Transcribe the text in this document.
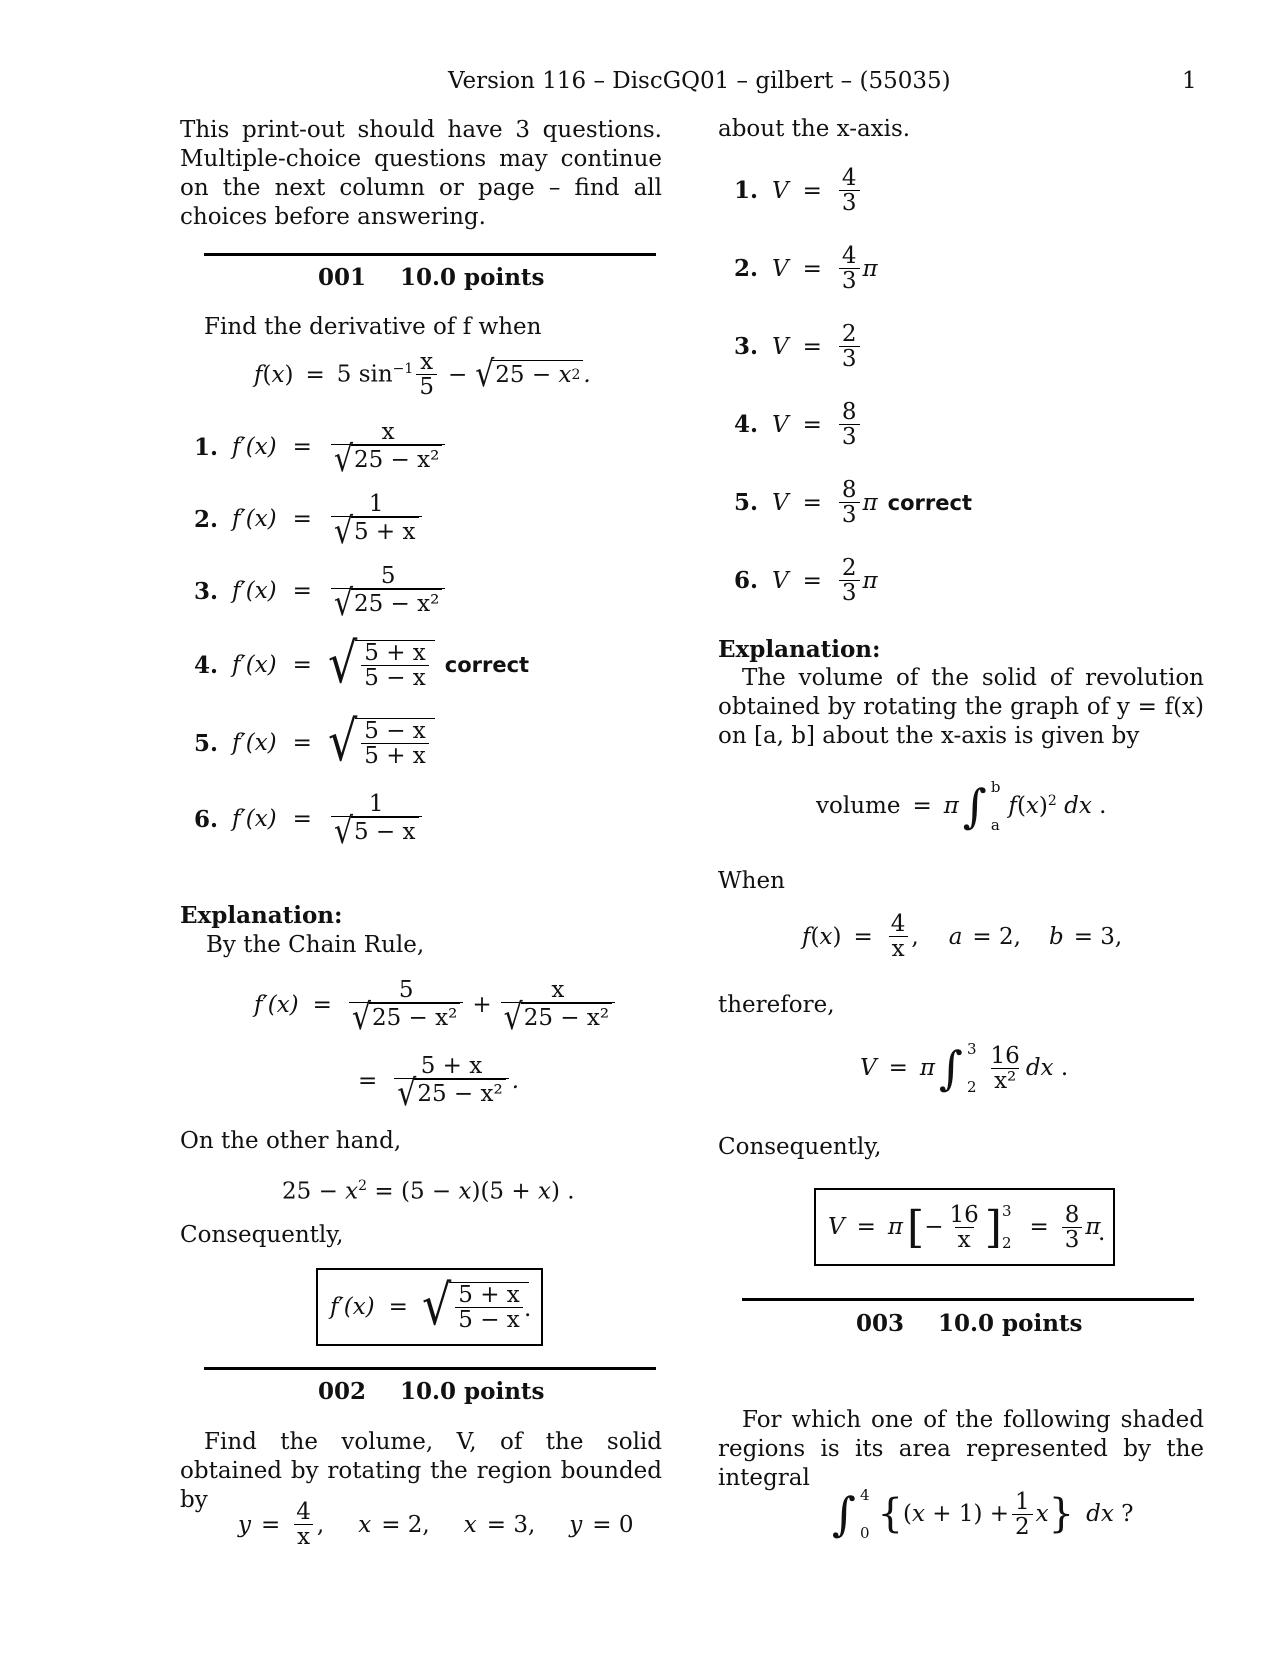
Version 116 – DiscGQ01 – gilbert – (55035)	1
This print-out should have 3 questions. Multiple-choice questions may continue on the next column or page – find all choices before answering.
001 10.0 points
Find the derivative of f when
f ( x ) = 5 $\sin^{-1} \frac{x}{5}$ − √ 25 − x 2 .
1. $f'(x) = \frac{x}{\text{√ 25 − x²}}$
2. $f'(x) = \frac{1}{√ 5 + x}$
3. $f'(x) = \frac{5}{\text{√ 25 − x²}}$
4. f′(x) = √ $\frac{5 + x}{5 - x}$ correct
5. f′(x) = √ $\frac{5 - x}{5 + x}$
6. $f'(x) = \frac{1}{√ 5 - x}$
Explanation:
By the Chain Rule,
$f'(x) = \frac{5}{\text{√ 25 − x²}} + \frac{x}{\text{√ 25 − x²}}$
= $\frac{5 + x}{\text{√ 25 − x²}}$ .
On the other hand,
$25 - x^2 = (5 - x)(5 + x)$ .
Consequently,
f′(x) = √ $\frac{5 + x}{5 - x}$ .
002 10.0 points
Find the volume, V, of the solid obtained by rotating the region bounded by
$y = \frac{4}{x}$ , x = 2, x = 3, y = 0
about the x-axis.
1. $V = \frac{4}{3}$
2. $V = \frac{4}{3}$ π
3. $V = \frac{2}{3}$
4. $V = \frac{8}{3}$
5. $V = \frac{8}{3}$ π correct
6. $V = \frac{2}{3}$ π
Explanation:
The volume of the solid of revolution obtained by rotating the graph of y = f(x) on [a, b] about the x-axis is given by
volume = π ∫ b
a
f ( x )$^2$
dx .
When
f ( x ) = $\frac{4}{x}$ , a = 2, b = 3,
therefore,
V = π ∫ 3
$2 \frac{16}{\text{x²}}$ dx .
Consequently,
V = π [ − $\frac{16}{x}$ ] 3
2
= $\frac{8}{3}$ π
.
003 10.0 points
For which one of the following shaded regions is its area represented by the integral
∫ 4
0 { ( $x + 1) + \frac{1}{2}$ x } dx ?
